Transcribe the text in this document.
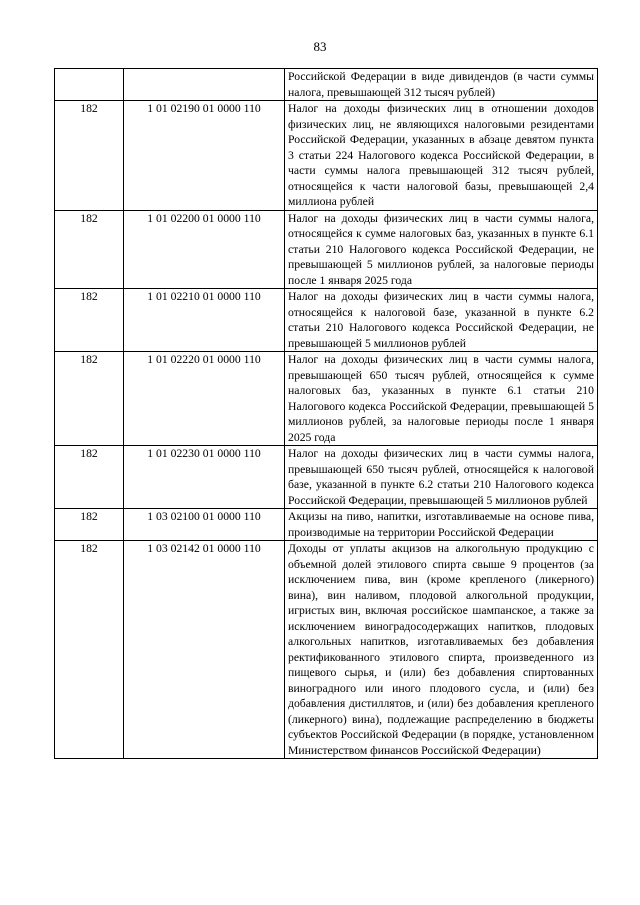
83
		Российской Федерации в виде дивидендов (в части суммы налога, превышающей 312 тысяч рублей)
182	1 01 02190 01 0000 110	Налог на доходы физических лиц в отношении доходов физических лиц, не являющихся налоговыми резидентами Российской Федерации, указанных в абзаце девятом пункта 3 статьи 224 Налогового кодекса Российской Федерации, в части суммы налога превышающей 312 тысяч рублей, относящейся к части налоговой базы, превышающей 2,4 миллиона рублей
182	1 01 02200 01 0000 110	Налог на доходы физических лиц в части суммы налога, относящейся к сумме налоговых баз, указанных в пункте 6.1 статьи 210 Налогового кодекса Российской Федерации, не превышающей 5 миллионов рублей, за налоговые периоды после 1 января 2025 года
182	1 01 02210 01 0000 110	Налог на доходы физических лиц в части суммы налога, относящейся к налоговой базе, указанной в пункте 6.2 статьи 210 Налогового кодекса Российской Федерации, не превышающей 5 миллионов рублей
182	1 01 02220 01 0000 110	Налог на доходы физических лиц в части суммы налога, превышающей 650 тысяч рублей, относящейся к сумме налоговых баз, указанных в пункте 6.1 статьи 210 Налогового кодекса Российской Федерации, превышающей 5 миллионов рублей, за налоговые периоды после 1 января 2025 года
182	1 01 02230 01 0000 110	Налог на доходы физических лиц в части суммы налога, превышающей 650 тысяч рублей, относящейся к налоговой базе, указанной в пункте 6.2 статьи 210 Налогового кодекса Российской Федерации, превышающей 5 миллионов рублей
182	1 03 02100 01 0000 110	Акцизы на пиво, напитки, изготавливаемые на основе пива, производимые на территории Российской Федерации
182	1 03 02142 01 0000 110	Доходы от уплаты акцизов на алкогольную продукцию с объемной долей этилового спирта свыше 9 процентов (за исключением пива, вин (кроме крепленого (ликерного) вина), вин наливом, плодовой алкогольной продукции, игристых вин, включая российское шампанское, а также за исключением виноградосодержащих напитков, плодовых алкогольных напитков, изготавливаемых без добавления ректификованного этилового спирта, произведенного из пищевого сырья, и (или) без добавления спиртованных виноградного или иного плодового сусла, и (или) без добавления дистиллятов, и (или) без добавления крепленого (ликерного) вина), подлежащие распределению в бюджеты субъектов Российской Федерации (в порядке, установленном Министерством финансов Российской Федерации)
